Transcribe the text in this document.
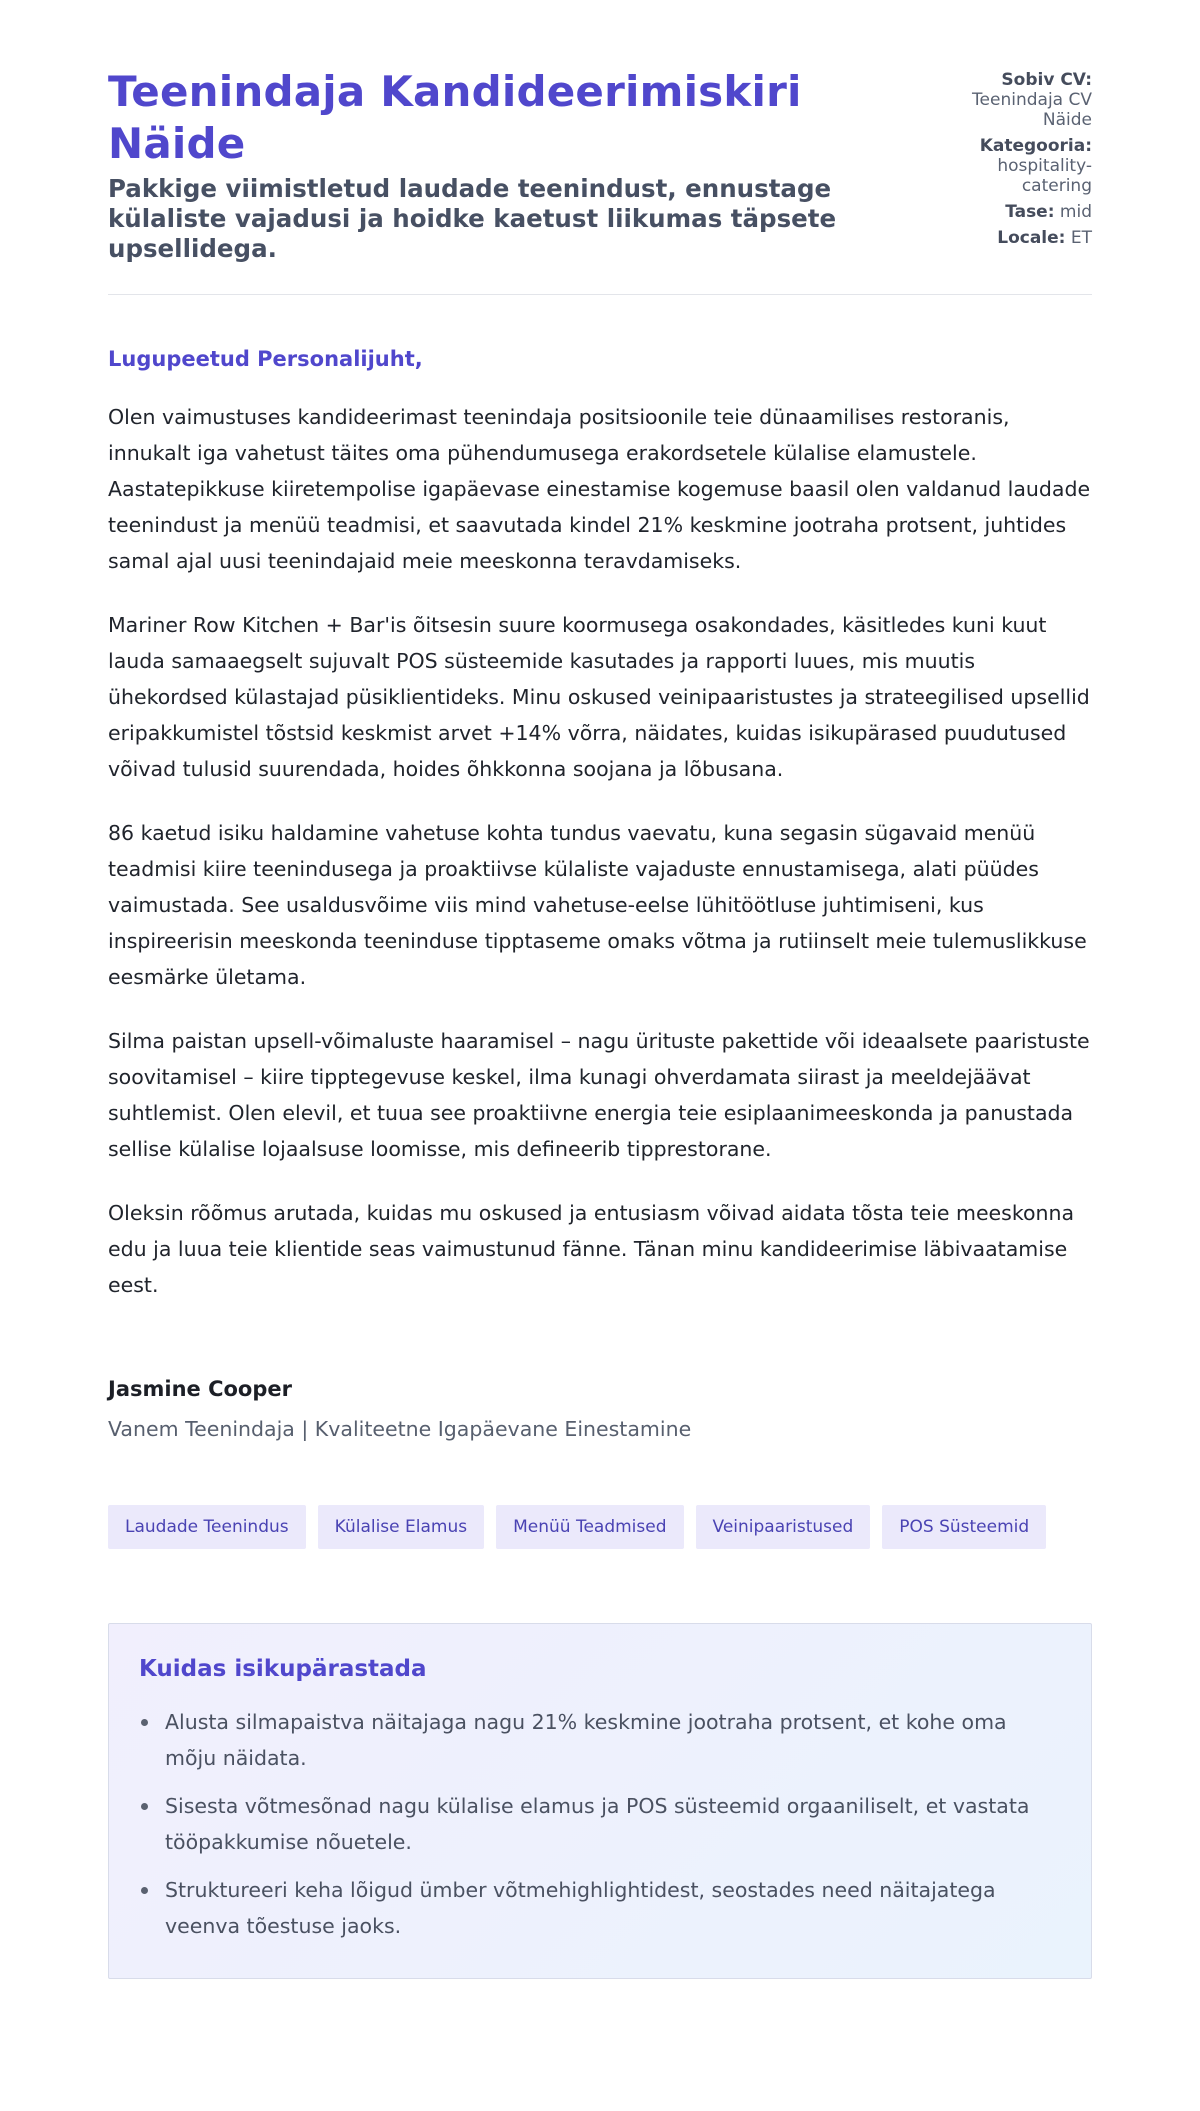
Teenindaja Kandideerimiskiri Näide
Pakkige viimistletud laudade teenindust, ennustage külaliste vajadusi ja hoidke kaetust liikumas täpsete upsellidega.
Sobiv CV: Teenindaja CV Näide
Kategooria: hospitality-catering
Tase: mid
Locale: ET

Lugupeetud Personalijuht,

Olen vaimustuses kandideerimast teenindaja positsioonile teie dünaamilises restoranis, innukalt iga vahetust täites oma pühendumusega erakordsetele külalise elamustele. Aastatepikkuse kiiretempolise igapäevase einestamise kogemuse baasil olen valdanud laudade teenindust ja menüü teadmisi, et saavutada kindel 21% keskmine jootraha protsent, juhtides samal ajal uusi teenindajaid meie meeskonna teravdamiseks.

Mariner Row Kitchen + Bar'is õitsesin suure koormusega osakondades, käsitledes kuni kuut lauda samaaegselt sujuvalt POS süsteemide kasutades ja rapporti luues, mis muutis ühekordsed külastajad püsiklientideks. Minu oskused veinipaaristustes ja strateegilised upsellid eripakkumistel tõstsid keskmist arvet +14% võrra, näidates, kuidas isikupärased puudutused võivad tulusid suurendada, hoides õhkkonna soojana ja lõbusana.

86 kaetud isiku haldamine vahetuse kohta tundus vaevatu, kuna segasin sügavaid menüü teadmisi kiire teenindusega ja proaktiivse külaliste vajaduste ennustamisega, alati püüdes vaimustada. See usaldusvõime viis mind vahetuse-eelse lühitöötluse juhtimiseni, kus inspireerisin meeskonda teeninduse tipptaseme omaks võtma ja rutiinselt meie tulemuslikkuse eesmärke ületama.

Silma paistan upsell-võimaluste haaramisel – nagu ürituste pakettide või ideaalsete paaristuste soovitamisel – kiire tipptegevuse keskel, ilma kunagi ohverdamata siirast ja meeldejäävat suhtlemist. Olen elevil, et tuua see proaktiivne energia teie esiplaanimeeskonda ja panustada sellise külalise lojaalsuse loomisse, mis defineerib tipprestorane.

Oleksin rõõmus arutada, kuidas mu oskused ja entusiasm võivad aidata tõsta teie meeskonna edu ja luua teie klientide seas vaimustunud fänne. Tänan minu kandideerimise läbivaatamise eest.

Jasmine Cooper

Vanem Teenindaja | Kvaliteetne Igapäevane Einestamine

Laudade Teenindus	Külalise Elamus	Menüü Teadmised	Veinipaaristused	POS Süsteemid
Kuidas isikupärastada
Alusta silmapaistva näitajaga nagu 21% keskmine jootraha protsent, et kohe oma mõju näidata.
Sisesta võtmesõnad nagu külalise elamus ja POS süsteemid orgaaniliselt, et vastata tööpakkumise nõuetele.
Struktureeri keha lõigud ümber võtmehighlightidest, seostades need näitajatega veenva tõestuse jaoks.
